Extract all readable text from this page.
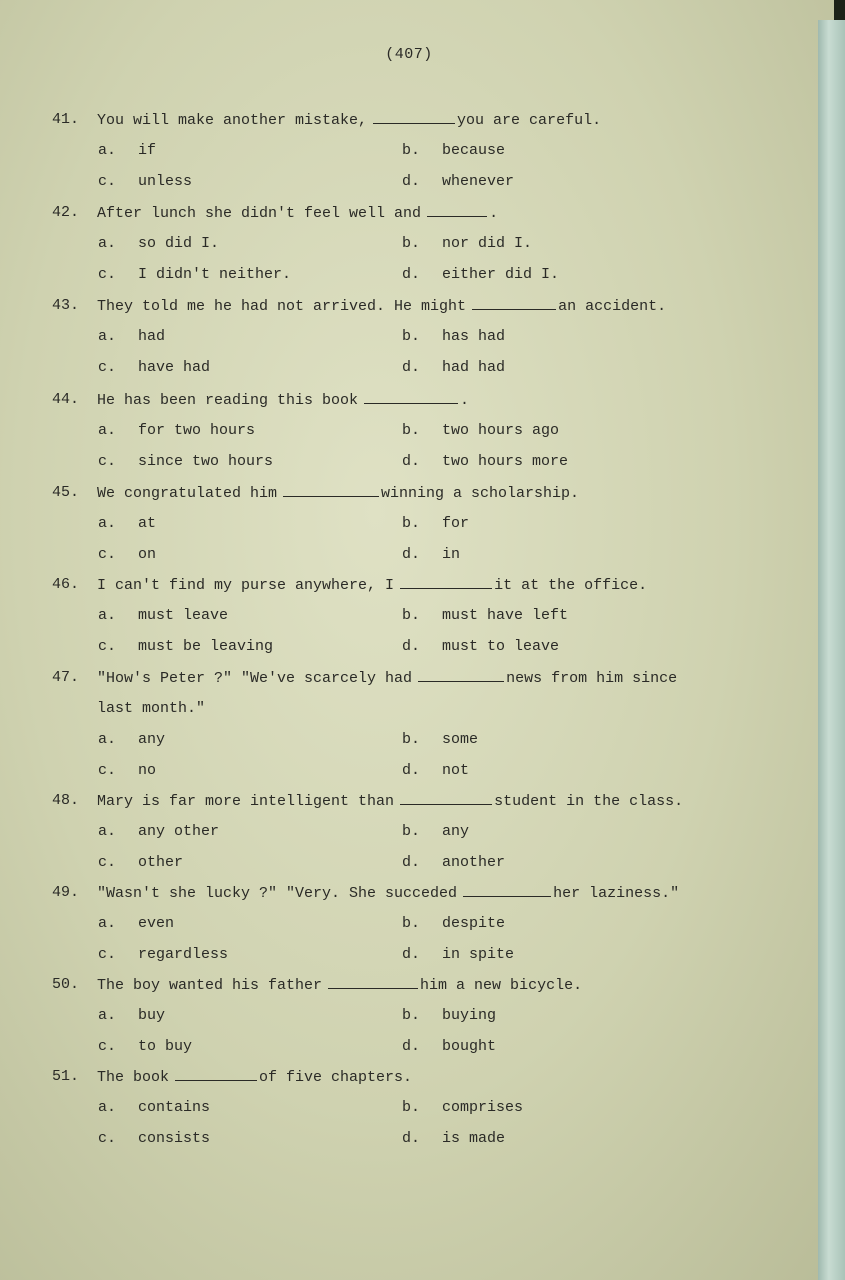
(407)
41. You will make another mistake,	you are careful.
a. if	b. because
c. unless	d. whenever
42. After lunch she didn't feel well and	.
a. so did I.	b. nor did I.
c. I didn't neither.	d. either did I.
43. They told me he had not arrived. He might	an accident.
a. had	b. has had
c. have had	d. had had
44. He has been reading this book	.
a. for two hours	b. two hours ago
c. since two hours	d. two hours more
45. We congratulated him	winning a scholarship.
a. at	b. for
c. on	d. in
46. I can't find my purse anywhere, I	it at the office.
a. must leave	b. must have left
c. must be leaving	d. must to leave
47. "How's Peter ?" "We've scarcely had	news from him since
last month."
a. any	b. some
c. no	d. not
48. Mary is far more intelligent than	student in the class.
a. any other	b. any
c. other	d. another
49. "Wasn't she lucky ?" "Very. She succeded	her laziness."
a. even	b. despite
c. regardless	d. in spite
50. The boy wanted his father	him a new bicycle.
a. buy	b. buying
c. to buy	d. bought
51. The book	of five chapters.
a. contains	b. comprises
c. consists	d. is made
